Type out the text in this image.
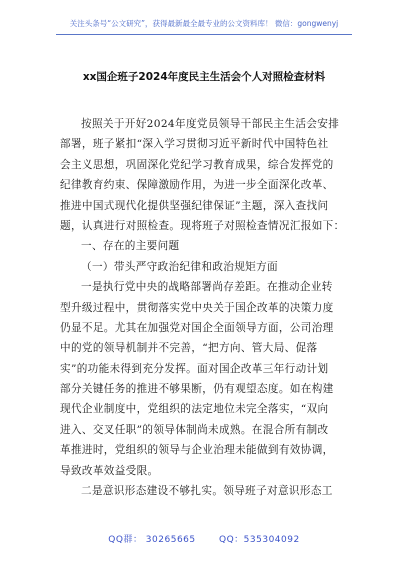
关注头条号“公文研究”，获得最新最全最专业的公文资料库！ 微信：gongwenyj
xx国企班子2024年度民主生活会个人对照检查材料
按照关于开好2024年度党员领导干部民主生活会安排
部署，班子紧扣“深入学习贯彻习近平新时代中国特色社
会主义思想，巩固深化党纪学习教育成果，综合发挥党的
纪律教育约束、保障激励作用，为进一步全面深化改革、
推进中国式现代化提供坚强纪律保证”主题，深入查找问
题，认真进行对照检查。现将班子对照检查情况汇报如下：
一、存在的主要问题
（一）带头严守政治纪律和政治规矩方面
一是执行党中央的战略部署尚存差距。在推动企业转
型升级过程中，贯彻落实党中央关于国企改革的决策力度
仍显不足。尤其在加强党对国企全面领导方面，公司治理
中的党的领导机制并不完善，“把方向、管大局、促落
实”的功能未得到充分发挥。面对国企改革三年行动计划
部分关键任务的推进不够果断，仍有观望态度。如在构建
现代企业制度中，党组织的法定地位未完全落实，“双向
进入、交叉任职”的领导体制尚未成熟。在混合所有制改
革推进时，党组织的领导与企业治理未能做到有效协调，
导致改革效益受限。
二是意识形态建设不够扎实。领导班子对意识形态工
QQ群： 30265665	QQ：535304092
